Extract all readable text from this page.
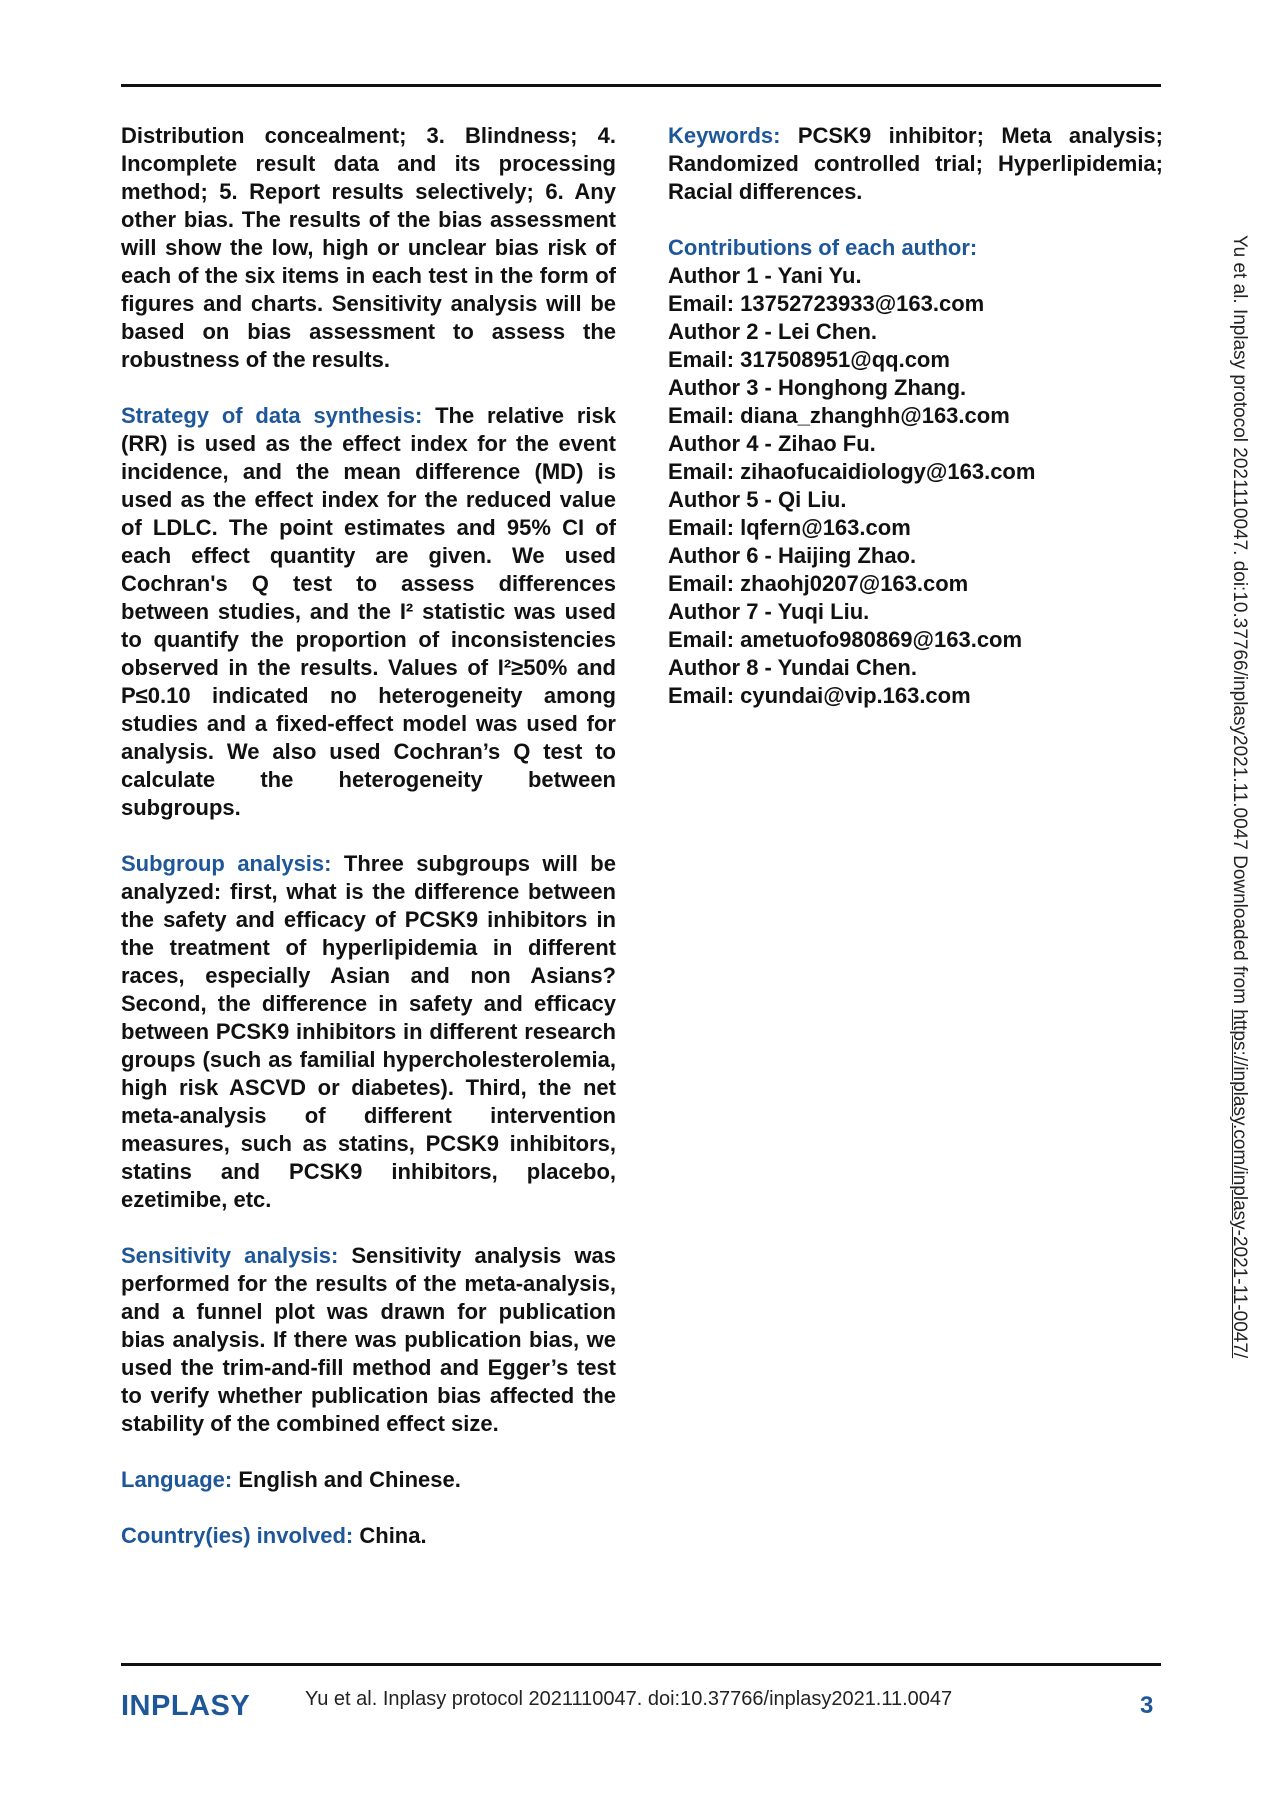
Distribution concealment; 3. Blindness; 4. Incomplete result data and its processing method; 5. Report results selectively; 6. Any other bias. The results of the bias assessment will show the low, high or unclear bias risk of each of the six items in each test in the form of figures and charts. Sensitivity analysis will be based on bias assessment to assess the robustness of the results.

Strategy of data synthesis: The relative risk (RR) is used as the effect index for the event incidence, and the mean difference (MD) is used as the effect index for the reduced value of LDLC. The point estimates and 95% CI of each effect quantity are given. We used Cochran's Q test to assess differences between studies, and the I² statistic was used to quantify the proportion of inconsistencies observed in the results. Values of I²≥50% and P≤0.10 indicated no heterogeneity among studies and a fixed-effect model was used for analysis. We also used Cochran’s Q test to calculate the heterogeneity between subgroups.

Subgroup analysis: Three subgroups will be analyzed: first, what is the difference between the safety and efficacy of PCSK9 inhibitors in the treatment of hyperlipidemia in different races, especially Asian and non Asians? Second, the difference in safety and efficacy between PCSK9 inhibitors in different research groups (such as familial hypercholesterolemia, high risk ASCVD or diabetes). Third, the net meta-analysis of different intervention measures, such as statins, PCSK9 inhibitors, statins and PCSK9 inhibitors, placebo, ezetimibe, etc.

Sensitivity analysis: Sensitivity analysis was performed for the results of the meta-analysis, and a funnel plot was drawn for publication bias analysis. If there was publication bias, we used the trim-and-fill method and Egger’s test to verify whether publication bias affected the stability of the combined effect size.

Language: English and Chinese.

Country(ies) involved: China.

Keywords: PCSK9 inhibitor; Meta analysis; Randomized controlled trial; Hyperlipidemia; Racial differences.

Contributions of each author:
Author 1 - Yani Yu.
Email: 13752723933@163.com
Author 2 - Lei Chen.
Email: 317508951@qq.com
Author 3 - Honghong Zhang.
Email: diana_zhanghh@163.com
Author 4 - Zihao Fu.
Email: zihaofucaidiology@163.com
Author 5 - Qi Liu.
Email: lqfern@163.com
Author 6 - Haijing Zhao.
Email: zhaohj0207@163.com
Author 7 - Yuqi Liu.
Email: ametuofo980869@163.com
Author 8 - Yundai Chen.
Email: cyundai@vip.163.com	Yu et al. Inplasy protocol 2021110047. doi:10.37766/inplasy2021.11.0047 Downloaded from https://inplasy.com/inplasy-2021-11-0047/
INPLASY	Yu et al. Inplasy protocol 2021110047. doi:10.37766/inplasy2021.11.0047	3
